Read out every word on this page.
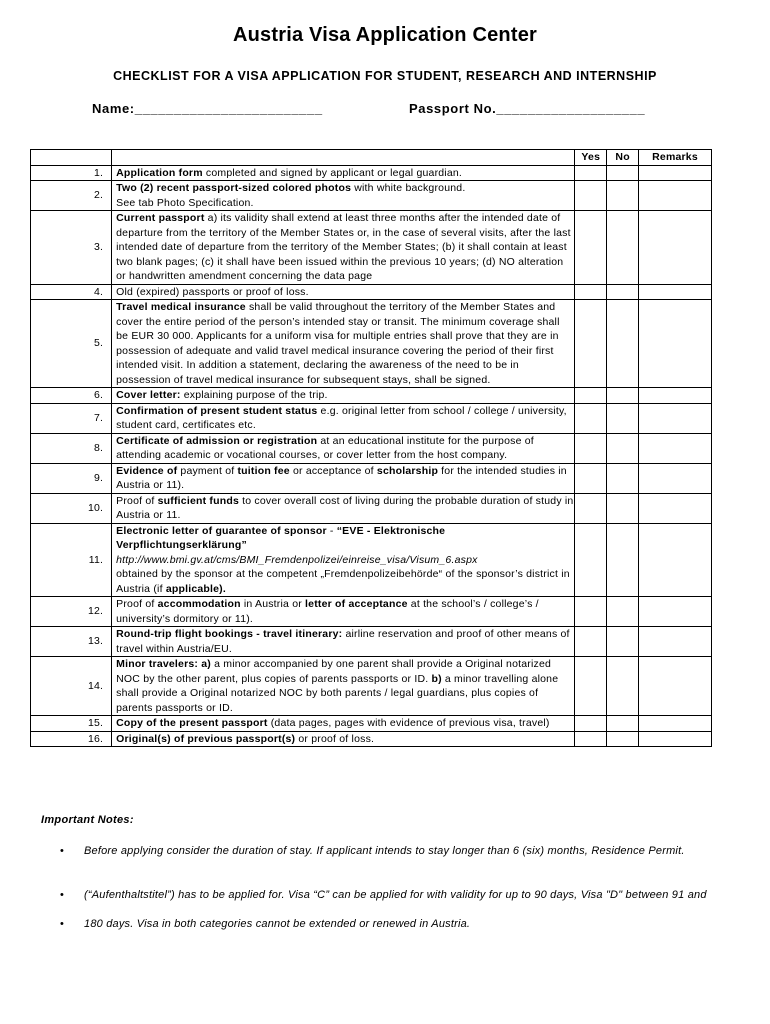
Austria Visa Application Center
CHECKLIST FOR A VISA APPLICATION FOR STUDENT, RESEARCH AND INTERNSHIP
Name:________________________	Passport No.___________________
		Yes	No	Remarks
1.	Application form completed and signed by applicant or legal guardian.			
2.	Two (2) recent passport-sized colored photos with white background.
See tab Photo Specification.			
3.	Current passport a) its validity shall extend at least three months after the intended date of departure from the territory of the Member States or, in the case of several visits, after the last intended date of departure from the territory of the Member States; (b) it shall contain at least two blank pages; (c) it shall have been issued within the previous 10 years; (d) NO alteration or handwritten amendment concerning the data page			
4.	Old (expired) passports or proof of loss.			
5.	Travel medical insurance shall be valid throughout the territory of the Member States and cover the entire period of the person’s intended stay or transit. The minimum coverage shall be EUR 30 000. Applicants for a uniform visa for multiple entries shall prove that they are in possession of adequate and valid travel medical insurance covering the period of their first intended visit. In addition a statement, declaring the awareness of the need to be in possession of travel medical insurance for subsequent stays, shall be signed.			
6.	Cover letter: explaining purpose of the trip.			
7.	Confirmation of present student status e.g. original letter from school / college / university, student card, certificates etc.			
8.	Certificate of admission or registration at an educational institute for the purpose of attending academic or vocational courses, or cover letter from the host company.			
9.	Evidence of payment of tuition fee or acceptance of scholarship for the intended studies in Austria or 11).			
10.	Proof of sufficient funds to cover overall cost of living during the probable duration of study in Austria or 11.			
11.	Electronic letter of guarantee of sponsor - “EVE - Elektronische Verpflichtungserklärung”
http://www.bmi.gv.at/cms/BMI_Fremdenpolizei/einreise_visa/Visum_6.aspx
obtained by the sponsor at the competent „Fremdenpolizeibehörde“ of the sponsor’s district in Austria (if applicable).			
12.	Proof of accommodation in Austria or letter of acceptance at the school’s / college’s / university’s dormitory or 11).			
13.	Round-trip flight bookings - travel itinerary: airline reservation and proof of other means of travel within Austria/EU.			
14.	Minor travelers: a) a minor accompanied by one parent shall provide a Original notarized NOC by the other parent, plus copies of parents passports or ID. b) a minor travelling alone shall provide a Original notarized NOC by both parents / legal guardians, plus copies of parents passports or ID.			
15.	Copy of the present passport (data pages, pages with evidence of previous visa, travel)			
16.	Original(s) of previous passport(s) or proof of loss.			
Important Notes:
• Before applying consider the duration of stay. If applicant intends to stay longer than 6 (six) months, Residence Permit.
• (“Aufenthaltstitel”) has to be applied for. Visa “C” can be applied for with validity for up to 90 days, Visa "D" between 91 and
• 180 days. Visa in both categories cannot be extended or renewed in Austria.
